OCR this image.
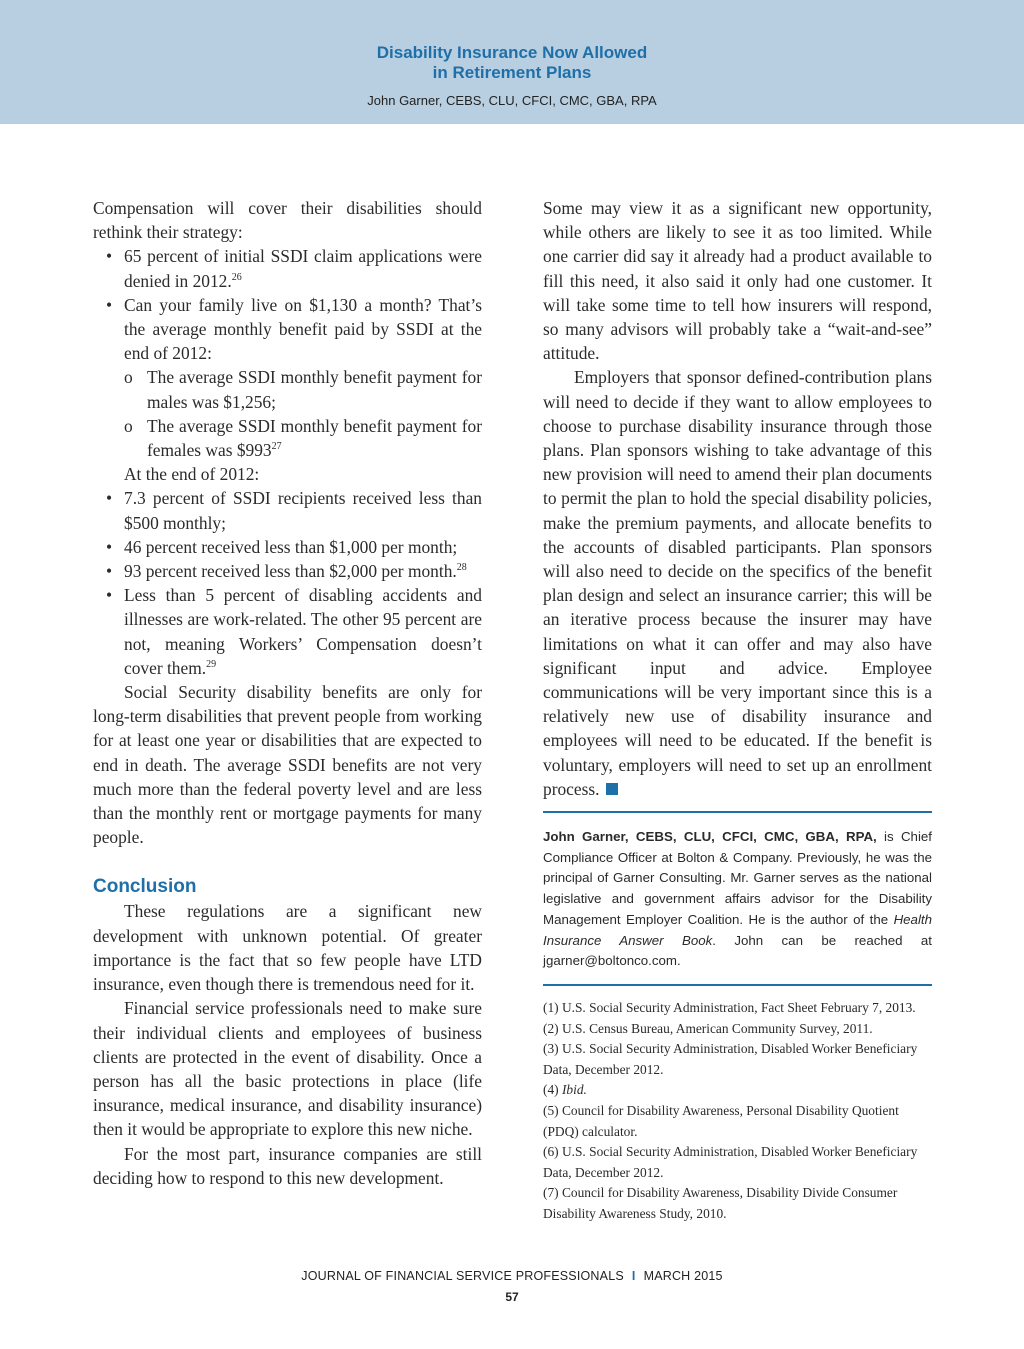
Disability Insurance Now Allowed
in Retirement Plans
John Garner, CEBS, CLU, CFCI, CMC, GBA, RPA

Compensation will cover their disabilities should rethink their strategy:

• 65 percent of initial SSDI claim applications were denied in 2012.26
• Can your family live on $1,130 a month? That’s the average monthly benefit paid by SSDI at the end of 2012:
o The average SSDI monthly benefit payment for males was $1,256;
o The average SSDI monthly benefit payment for females was $\$993^{27}$
At the end of 2012:
• 7.3 percent of SSDI recipients received less than $500 monthly;
• 46 percent received less than $1,000 per month;
• 93 percent received less than $2,000 per month.$^{28}$
• Less than 5 percent of disabling accidents and illnesses are work-related. The other 95 percent are not, meaning Workers’ Compensation doesn’t cover them.$^{29}$

Social Security disability benefits are only for long-term disabilities that prevent people from working for at least one year or disabilities that are expected to end in death. The average SSDI benefits are not very much more than the federal poverty level and are less than the monthly rent or mortgage payments for many people.

Conclusion

These regulations are a significant new development with unknown potential. Of greater importance is the fact that so few people have LTD insurance, even though there is tremendous need for it.

Financial service professionals need to make sure their individual clients and employees of business clients are protected in the event of disability. Once a person has all the basic protections in place (life insurance, medical insurance, and disability insurance) then it would be appropriate to explore this new niche.

For the most part, insurance companies are still deciding how to respond to this new development.

Some may view it as a significant new opportunity, while others are likely to see it as too limited. While one carrier did say it already had a product available to fill this need, it also said it only had one customer. It will take some time to tell how insurers will respond, so many advisors will probably take a “wait-and-see” attitude.

Employers that sponsor defined-contribution plans will need to decide if they want to allow employees to choose to purchase disability insurance through those plans. Plan sponsors wishing to take advantage of this new provision will need to amend their plan documents to permit the plan to hold the special disability policies, make the premium payments, and allocate benefits to the accounts of disabled participants. Plan sponsors will also need to decide on the specifics of the benefit plan design and select an insurance carrier; this will be an iterative process because the insurer may have limitations on what it can offer and may also have significant input and advice. Employee communications will be very important since this is a relatively new use of disability insurance and employees will need to be educated. If the benefit is voluntary, employers will need to set up an enrollment process.

John Garner, CEBS, CLU, CFCI, CMC, GBA, RPA, is Chief Compliance Officer at Bolton & Company. Previously, he was the principal of Garner Consulting. Mr. Garner serves as the national legislative and government affairs advisor for the Disability Management Employer Coalition. He is the author of the Health Insurance Answer Book. John can be reached at jgarner@boltonco.com.
(1) U.S. Social Security Administration, Fact Sheet February 7, 2013.
(2) U.S. Census Bureau, American Community Survey, 2011.
(3) U.S. Social Security Administration, Disabled Worker Beneficiary Data, December 2012.
(4) Ibid.
(5) Council for Disability Awareness, Personal Disability Quotient (PDQ) calculator.
(6) U.S. Social Security Administration, Disabled Worker Beneficiary Data, December 2012.
(7) Council for Disability Awareness, Disability Divide Consumer Disability Awareness Study, 2010.
JOURNAL OF FINANCIAL SERVICE PROFESSIONALS I MARCH 2015
57
